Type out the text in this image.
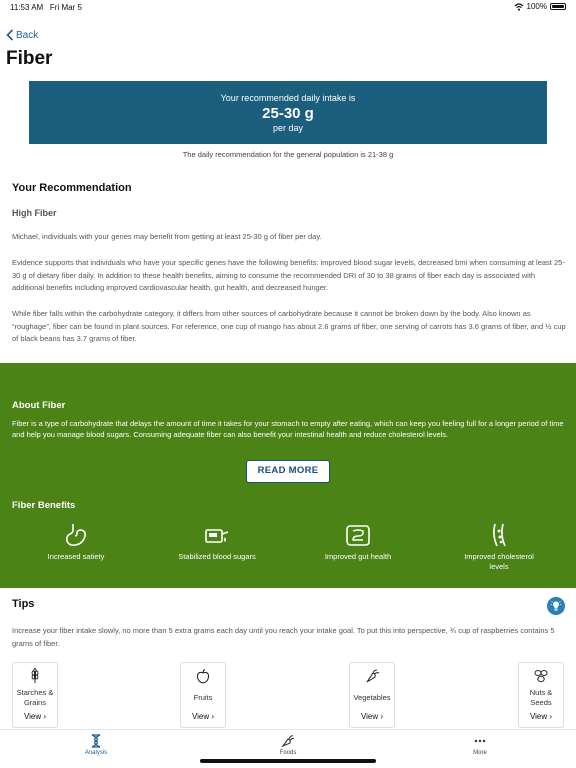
11:53 AM Fri Mar 5	100%
Back
Fiber
Your recommended daily intake is
25-30 g
per day
The daily recommendation for the general population is 21-38 g
Your Recommendation
High Fiber
Michael, individuals with your genes may benefit from getting at least 25-30 g of fiber per day.
Evidence supports that individuals who have your specific genes have the following benefits: improved blood sugar levels, decreased bmi when consuming at least 25-30 g of dietary fiber daily. In addition to these health benefits, aiming to consume the recommended DRI of 30 to 38 grams of fiber each day is associated with additional benefits including improved cardiovascular health, gut health, and decreased hunger.
While fiber falls within the carbohydrate category, it differs from other sources of carbohydrate because it cannot be broken down by the body. Also known as “roughage”, fiber can be found in plant sources. For reference, one cup of mango has about 2.6 grams of fiber, one serving of carrots has 3.6 grams of fiber, and ½ cup of black beans has 3.7 grams of fiber.
About Fiber
Fiber is a type of carbohydrate that delays the amount of time it takes for your stomach to empty after eating, which can keep you feeling full for a longer period of time and help you manage blood sugars. Consuming adequate fiber can also benefit your intestinal health and reduce cholesterol levels.
READ MORE
Fiber Benefits
Increased satiety	Stabilized blood sugars	Improved gut health	Improved cholesterol levels
Tips
Increase your fiber intake slowly, no more than 5 extra grams each day until you reach your intake goal. To put this into perspective, ¾ cup of raspberries contains 5 grams of fiber.
Starches & Grains
View ›
Fruits
View ›
Vegetables
View ›
Nuts & Seeds
View ›
Analysis	Foods	More
